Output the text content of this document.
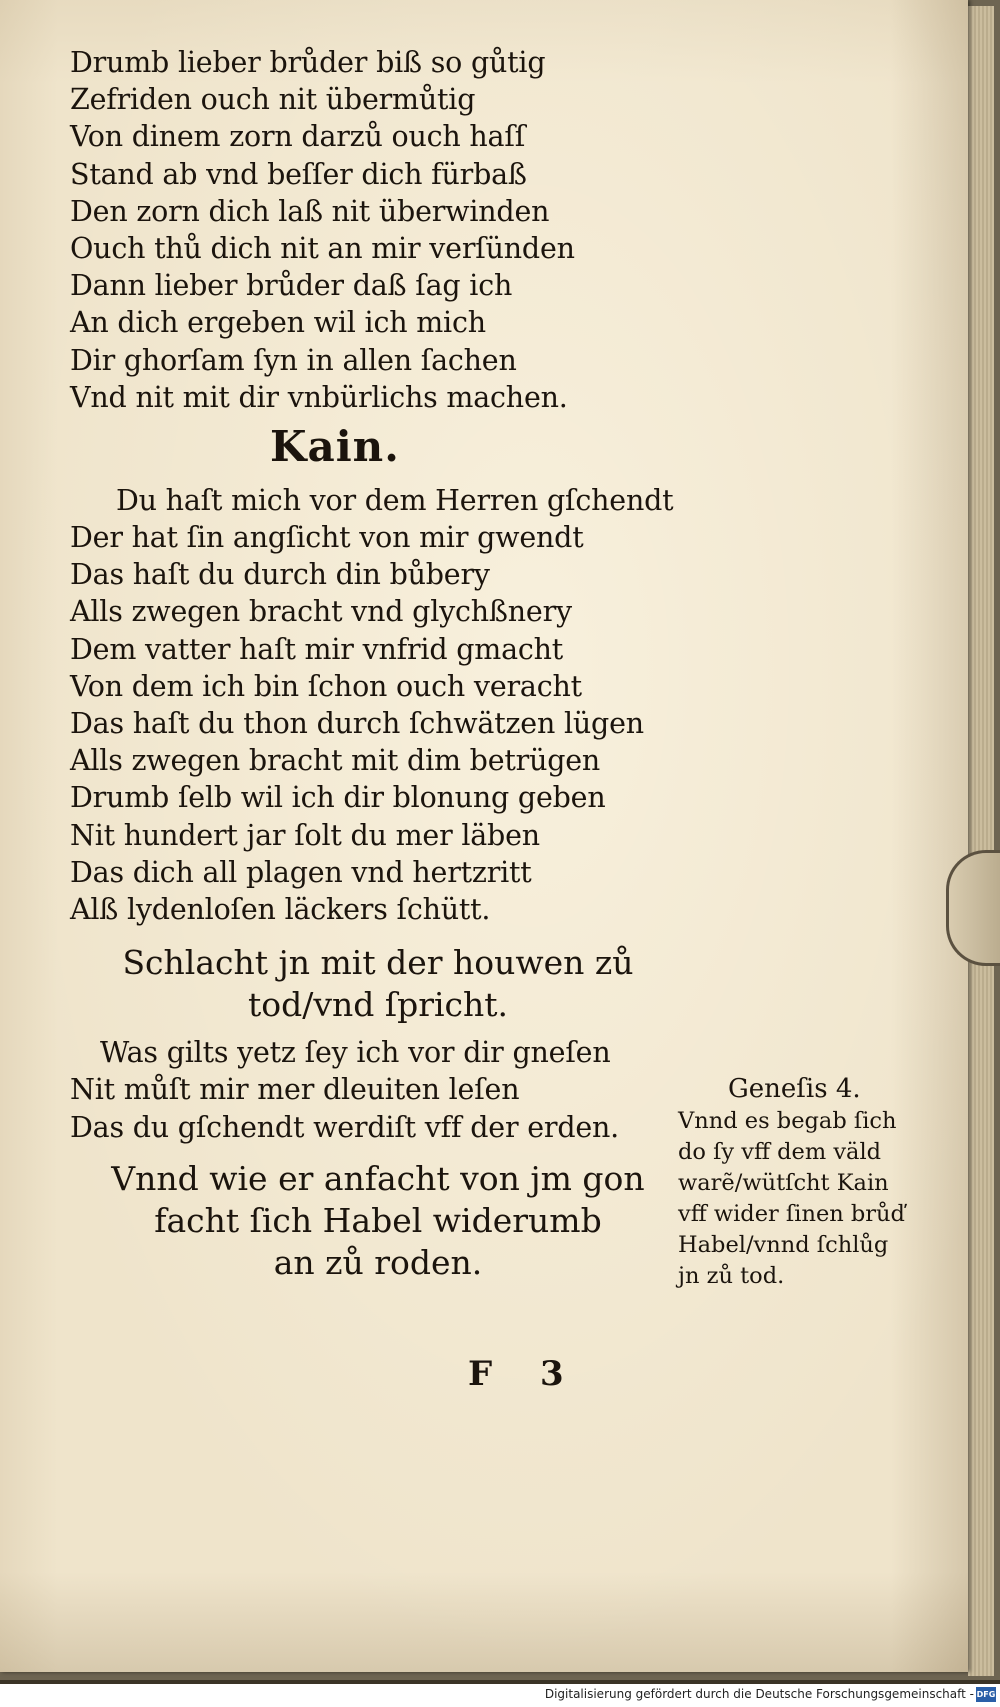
Drumb lieber brůder biß so gůtig
Zefriden ouch nit übermůtig
Von dinem zorn darzů ouch haſſ
Stand ab vnd beſſer dich fürbaß
Den zorn dich laß nit überwinden
Ouch thů dich nit an mir verſünden
Dann lieber brůder daß ſag ich
An dich ergeben wil ich mich
Dir ghorſam ſyn in allen ſachen
Vnd nit mit dir vnbürlichs machen.
Kain.
Du haſt mich vor dem Herren gſchendt
Der hat ſin angſicht von mir gwendt
Das haſt du durch din bůbery
Alls zwegen bracht vnd glychßnery
Dem vatter haſt mir vnfrid gmacht
Von dem ich bin ſchon ouch veracht
Das haſt du thon durch ſchwätzen lügen
Alls zwegen bracht mit dim betrügen
Drumb ſelb wil ich dir blonung geben
Nit hundert jar ſolt du mer läben
Das dich all plagen vnd hertzritt
Alß lydenloſen läckers ſchütt.
Schlacht jn mit der houwen zů
tod/vnd ſpricht.
Was gilts yetz ſey ich vor dir gneſen
Nit můſt mir mer dleuiten leſen
Das du gſchendt werdiſt vff der erden.
Vnnd wie er anfacht von jm gon
facht ſich Habel widerumb
an zů roden.
F 3
Geneſis 4.
Vnnd es begab ſich
do ſy vff dem väld
warẽ/wütſcht Kain
vff wider ſinen brůď
Habel/vnnd ſchlůg
jn zů tod.
Digitalisierung gefördert durch die Deutsche Forschungsgemeinschaft - DFG
